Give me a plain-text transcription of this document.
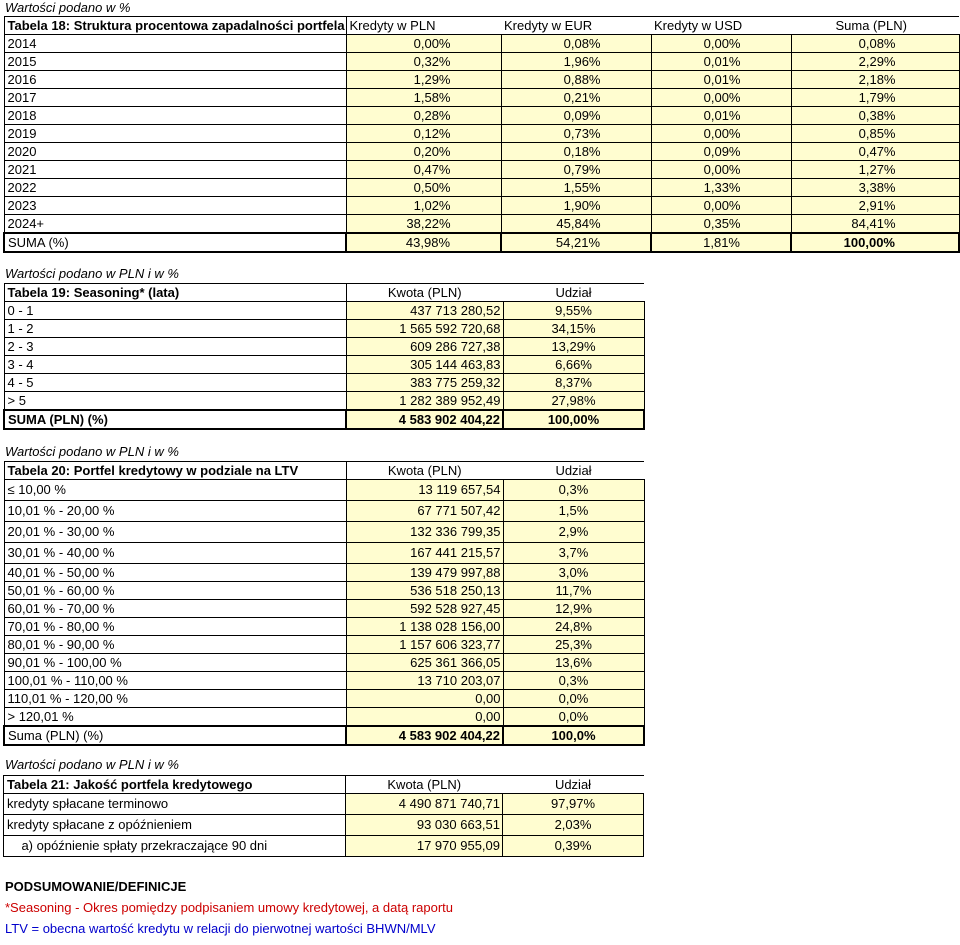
Wartości podano w %
Tabela 18: Struktura procentowa zapadalności portfela	Kredyty w PLN	Kredyty w EUR	Kredyty w USD	Suma (PLN)
2014	0,00%	0,08%	0,00%	0,08%
2015	0,32%	1,96%	0,01%	2,29%
2016	1,29%	0,88%	0,01%	2,18%
2017	1,58%	0,21%	0,00%	1,79%
2018	0,28%	0,09%	0,01%	0,38%
2019	0,12%	0,73%	0,00%	0,85%
2020	0,20%	0,18%	0,09%	0,47%
2021	0,47%	0,79%	0,00%	1,27%
2022	0,50%	1,55%	1,33%	3,38%
2023	1,02%	1,90%	0,00%	2,91%
2024+	38,22%	45,84%	0,35%	84,41%
SUMA (%)	43,98%	54,21%	1,81%	100,00%
Wartości podano w PLN i w %
Tabela 19: Seasoning* (lata)	Kwota (PLN)	Udział
0 - 1	437 713 280,52	9,55%
1 - 2	1 565 592 720,68	34,15%
2 - 3	609 286 727,38	13,29%
3 - 4	305 144 463,83	6,66%
4 - 5	383 775 259,32	8,37%
> 5	1 282 389 952,49	27,98%
SUMA (PLN) (%)	4 583 902 404,22	100,00%
Wartości podano w PLN i w %
Tabela 20: Portfel kredytowy w podziale na LTV	Kwota (PLN)	Udział
≤ 10,00 %	13 119 657,54	0,3%
10,01 % - 20,00 %	67 771 507,42	1,5%
20,01 % - 30,00 %	132 336 799,35	2,9%
30,01 % - 40,00 %	167 441 215,57	3,7%
40,01 % - 50,00 %	139 479 997,88	3,0%
50,01 % - 60,00 %	536 518 250,13	11,7%
60,01 % - 70,00 %	592 528 927,45	12,9%
70,01 % - 80,00 %	1 138 028 156,00	24,8%
80,01 % - 90,00 %	1 157 606 323,77	25,3%
90,01 % - 100,00 %	625 361 366,05	13,6%
100,01 % - 110,00 %	13 710 203,07	0,3%
110,01 % - 120,00 %	0,00	0,0%
> 120,01 %	0,00	0,0%
Suma (PLN) (%)	4 583 902 404,22	100,0%
Wartości podano w PLN i w %
Tabela 21: Jakość portfela kredytowego	Kwota (PLN)	Udział
kredyty spłacane terminowo	4 490 871 740,71	97,97%
kredyty spłacane z opóźnieniem	93 030 663,51	2,03%
a) opóźnienie spłaty przekraczające 90 dni	17 970 955,09	0,39%
PODSUMOWANIE/DEFINICJE
*Seasoning - Okres pomiędzy podpisaniem umowy kredytowej, a datą raportu
LTV = obecna wartość kredytu w relacji do pierwotnej wartości BHWN/MLV
